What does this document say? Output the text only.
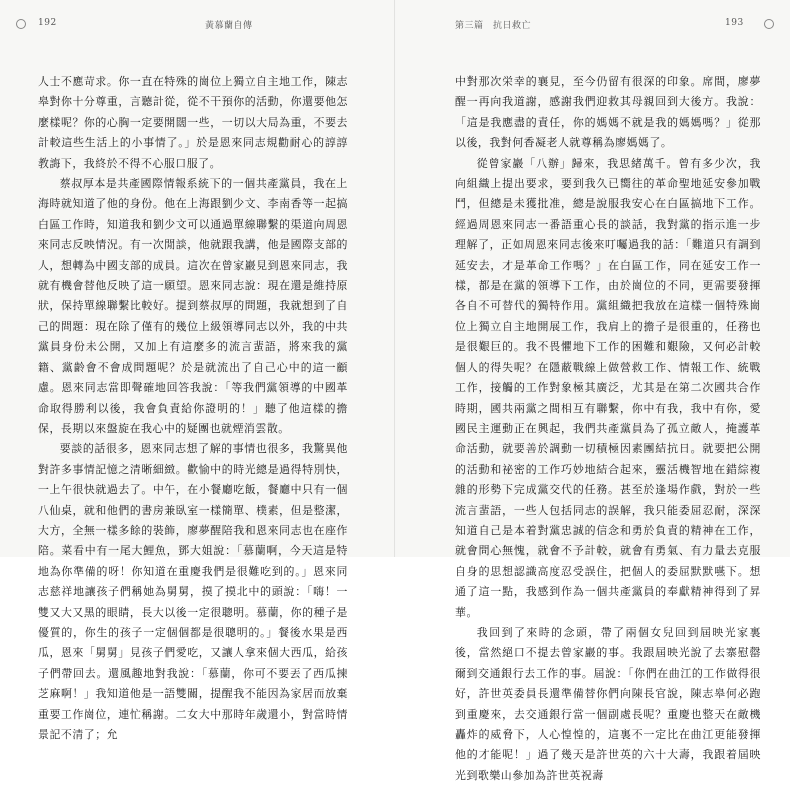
192	黃慕蘭自傳	第三篇　抗日救亡	193

人士不應苛求。你一直在特殊的崗位上獨立自主地工作，陳志皋對你十分尊重，言聽計從，從不干預你的活動，你還要他怎麼樣呢？你的心胸一定要開闊一些，一切以大局為重，不要去計較這些生活上的小事情了。」於是恩來同志規勸耐心的諄諄教誨下，我終於不得不心服口服了。

蔡叔厚本是共產國際情報系統下的一個共產黨員，我在上海時就知道了他的身份。他在上海跟劉少文、李南香等一起搞白區工作時，知道我和劉少文可以通過單線聯繫的渠道向周恩來同志反映情況。有一次閒談，他就跟我講，他是國際支部的人，想轉為中國支部的成員。這次在曾家巖見到恩來同志，我就有機會替他反映了這一願望。恩來同志說：現在還是維持原狀，保持單線聯繫比較好。提到蔡叔厚的問題，我就想到了自己的問題：現在除了僅有的幾位上級領導同志以外，我的中共黨員身份未公開，又加上有這麼多的流言蜚語，將來我的黨籍、黨齡會不會成問題呢？於是就流出了自己心中的這一顧慮。恩來同志當即聲確地回答我說：「等我們黨領導的中國革命取得勝利以後，我會負責給你證明的！」聽了他這樣的擔保，長期以來盤旋在我心中的疑團也就煙消雲散。

要談的話很多，恩來同志想了解的事情也很多，我驚異他對許多事情記憶之清晰細緻。歡愉中的時光總是過得特別快，一上午很快就過去了。中午，在小餐廳吃飯，餐廳中只有一個八仙桌，就和他們的書房兼臥室一樣簡單、樸素，但是整潔，大方，全無一樣多餘的裝飾，廖夢醒陪我和恩來同志也在座作陪。菜看中有一尾大鯉魚，鄧大姐說：「慕蘭啊，今天這是特地為你準備的呀！你知道在重慶我們是很難吃到的。」恩來同志慈祥地讓孩子們稱她為舅舅，摸了摸北中的頭說：「嗨！一雙又大又黑的眼睛，長大以後一定很聰明。慕蘭，你的種子是優質的，你生的孩子一定個個都是很聰明的。」餐後水果是西瓜，恩來「舅舅」見孩子們愛吃，又讓人拿來個大西瓜，給孩子們帶回去。還風趣地對我說：「慕蘭，你可不要丟了西瓜揀芝麻啊！」我知道他是一語雙關，提醒我不能因為家居而放棄重要工作崗位，連忙稱謝。二女大中那時年歲還小，對當時情景記不清了；允

中對那次栄幸的襄見，至今仍留有很深的印象。席間，廖夢醒一再向我道謝，感謝我們迎救其母親回到大後方。我說：「這是我應盡的責任，你的媽媽不就是我的媽媽嗎？」從那以後，我對何香凝老人就尊稱為廖媽媽了。

從曾家巖「八辦」歸來，我思緒萬千。曾有多少次，我向組織上提出要求，要到我久已嚮往的革命聖地延安參加戰鬥，但總是未獲批准，總是說服我安心在白區搞地下工作。經過周恩來同志一番語重心長的談話，我對黨的指示進一步理解了，正如周恩來同志後來叮囑過我的話：「難道只有調到延安去，才是革命工作嗎？」在白區工作，同在延安工作一樣，都是在黨的領導下工作，由於崗位的不同，更需要發揮各自不可替代的獨特作用。黨組織把我放在這樣一個特殊崗位上獨立自主地開展工作，我肩上的擔子是很重的，任務也是很艱巨的。我不畏懼地下工作的困難和艱險，又何必計較個人的得失呢？在隱蔽戰線上做營救工作、情報工作、統戰工作，接觸的工作對象極其廣泛，尤其是在第二次國共合作時期，國共兩黨之間相互有聯繫，你中有我，我中有你，愛國民主運動正在興起，我們共產黨員為了孤立敵人，掩護革命活動，就要善於調動一切積極因素團結抗日。就要把公開的活動和祕密的工作巧妙地結合起來，靈活機智地在錯綜複雜的形勢下完成黨交代的任務。甚至於逢場作戲，對於一些流言蜚語，一些人包括同志的誤解，我只能委屈忍耐，深深知道自己是本着對黨忠誠的信念和勇於負責的精神在工作，就會問心無愧，就會不予計較，就會有勇氣、有力量去克服自身的思想認識高度忍受誤住，把個人的委屈默默嚥下。想通了這一點，我感到作為一個共產黨員的奉獻精神得到了昇華。

我回到了來時的念頭，帶了兩個女兒回到屆映光家裏後，當然絕口不提去曾家巖的事。我跟屆映光說了去寨慰罄爾到交通銀行去工作的事。屆說：「你們在曲江的工作做得很好，許世英委員長還準備替你們向陳長官說，陳志皋何必跑到重慶來，去交通銀行當一個副處長呢？重慶也整天在敵機轟炸的威脅下，人心惶惶的，這裏不一定比在曲江更能發揮他的才能呢！」過了幾天是許世英的六十大壽，我跟着屆映光到歌樂山參加為許世英祝壽
